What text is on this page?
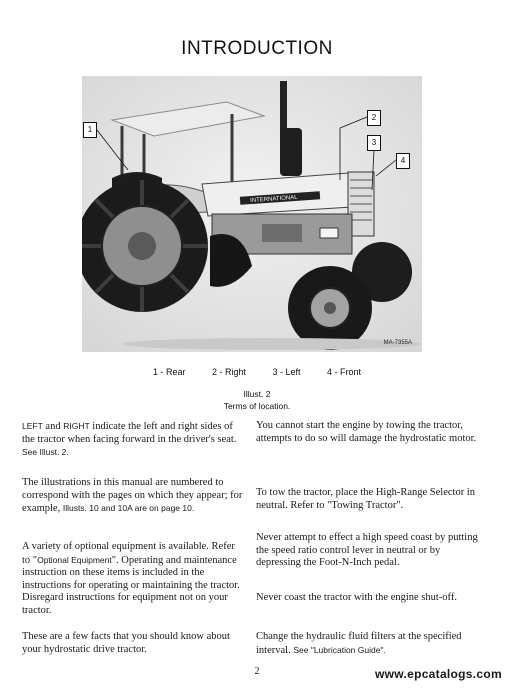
INTRODUCTION
INTERNATIONAL
MA-7355A
1
2
3
4
1 - Rear	2 - Right	3 - Left	4 - Front
Illust. 2
Terms of location.

LEFT and RIGHT indicate the left and right sides of the tractor when facing forward in the driver's seat. See Illust. 2.

The illustrations in this manual are numbered to correspond with the pages on which they appear; for example, Illusts. 10 and 10A are on page 10.

A variety of optional equipment is available. Refer to "Optional Equipment". Operating and maintenance instruction on these items is included in the instructions for operating or maintaining the tractor. Disregard instructions for equipment not on your tractor.

These are a few facts that you should know about your hydrostatic drive tractor.

You cannot start the engine by towing the tractor, attempts to do so will damage the hydrostatic motor.

To tow the tractor, place the High-Range Selector in neutral. Refer to "Towing Tractor".

Never attempt to effect a high speed coast by putting the speed ratio control lever in neutral or by depressing the Foot-N-Inch pedal.

Never coast the tractor with the engine shut-off.

Change the hydraulic fluid filters at the specified interval. See "Lubrication Guide".

2	www.epcatalogs.com
